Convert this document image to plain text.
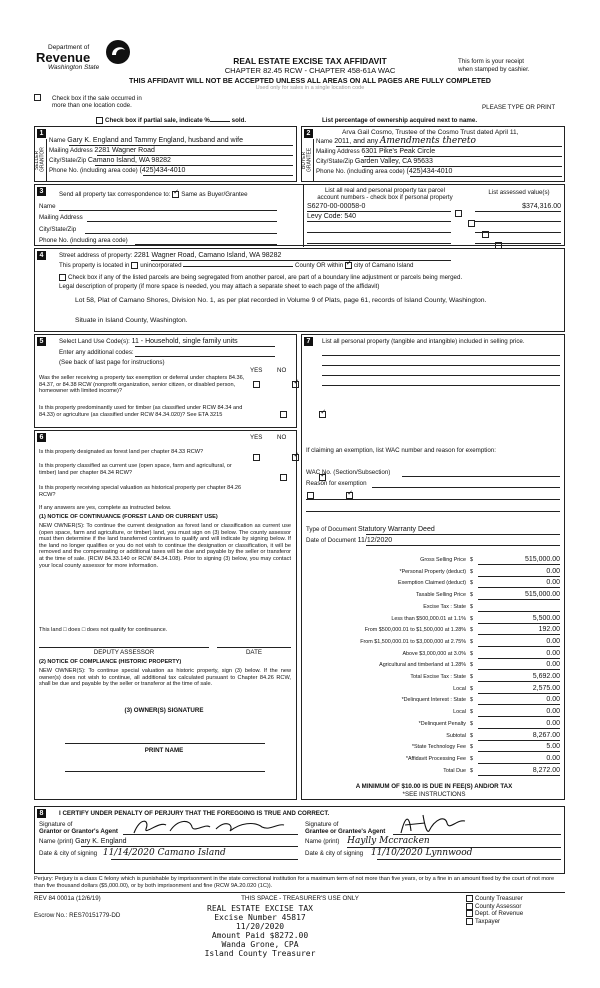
Department of
Revenue
Washington State
REAL ESTATE EXCISE TAX AFFIDAVIT
CHAPTER 82.45 RCW - CHAPTER 458-61A WAC
THIS AFFIDAVIT WILL NOT BE ACCEPTED UNLESS ALL AREAS ON ALL PAGES ARE FULLY COMPLETED
Used only for sales in a single location code
This form is your receipt
when stamped by cashier.
Check box if the sale occurred in
more than one location code.	PLEASE TYPE OR PRINT
Check box if partial sale, indicate %	sold.	List percentage of ownership acquired next to name.
1
SELLER GRANTOR
Name Gary K. England and Tammy England, husband and wife
Mailing Address 2281 Wagner Road
City/State/Zip Camano Island, WA 98282
Phone No. (including area code) (425)434-4010
2
BUYER GRANTEE
Arva Gail Cosmo, Trustee of the Cosmo Trust dated April 11,
Name 2011, and any Amendments thereto
Mailing Address 6301 Pike's Peak Circle
City/State/Zip Garden Valley, CA 95633
Phone No. (including area code) (425)434-4010
3	Send all property tax correspondence to: ✓ Same as Buyer/Grantee
Name
Mailing Address
City/State/Zip
Phone No. (including area code)
List all real and personal property tax parcel
account numbers - check box if personal property
List assessed value(s)
S6270-00-00058-0
	$374,316.00
Levy Code: 540

4	Street address of property: 2281 Wagner Road, Camano Island, WA 98282
This property is located in unincorporated	County OR within ✓ city of Camano Island
Check box if any of the listed parcels are being segregated from another parcel, are part of a boundary line adjustment or parcels being merged.
Legal description of property (if more space is needed, you may attach a separate sheet to each page of the affidavit)
Lot 58, Plat of Camano Shores, Division No. 1, as per plat recorded in Volume 9 of Plats, page 61, records of Island County, Washington.
Situate in Island County, Washington.
5	Select Land Use Code(s): 11 - Household, single family units
Enter any additional codes:
(See back of last page for instructions)
YES NO
Was the seller receiving a property tax exemption or deferral under chapters 84.36, 84.37, or 84.38 RCW (nonprofit organization, senior citizen, or disabled person, homeowner with limited income)?
✓
Is this property predominantly used for timber (as classified under RCW 84.34 and 84.33) or agriculture (as classified under RCW 84.34.020)? See ETA 3215
✓
6	YES NO
Is this property designated as forest land per chapter 84.33 RCW?
✓
Is this property classified as current use (open space, farm and agricultural, or timber) land per chapter 84.34 RCW?
✓
Is this property receiving special valuation as historical property per chapter 84.26 RCW?
✓
If any answers are yes, complete as instructed below.
(1) NOTICE OF CONTINUANCE (FOREST LAND OR CURRENT USE)
NEW OWNER(S): To continue the current designation as forest land or classification as current use (open space, farm and agriculture, or timber) land, you must sign on (3) below. The county assessor must then determine if the land transferred continues to qualify and will indicate by signing below. If the land no longer qualifies or you do not wish to continue the designation or classification, it will be removed and the compensating or additional taxes will be due and payable by the seller or transferor at the time of sale. (RCW 84.33.140 or RCW 84.34.108). Prior to signing (3) below, you may contact your local county assessor for more information.
This land □ does □ does not qualify for continuance.
DEPUTY ASSESSOR	DATE
(2) NOTICE OF COMPLIANCE (HISTORIC PROPERTY)
NEW OWNER(S): To continue special valuation as historic property, sign (3) below. If the new owner(s) does not wish to continue, all additional tax calculated pursuant to Chapter 84.26 RCW, shall be due and payable by the seller or transferor at the time of sale.
(3) OWNER(S) SIGNATURE
PRINT NAME
7	List all personal property (tangible and intangible) included in selling price.
If claiming an exemption, list WAC number and reason for exemption:
WAC No. (Section/Subsection)
Reason for exemption
Type of Document Statutory Warranty Deed
Date of Document 11/12/2020
Gross Selling Price $	515,000.00
*Personal Property (deduct) $	0.00
Exemption Claimed (deduct) $	0.00
Taxable Selling Price $	515,000.00
Excise Tax : State $
Less than $500,000.01 at 1.1% $	5,500.00
From $500,000.01 to $1,500,000 at 1.28% $	192.00
From $1,500,000.01 to $3,000,000 at 2.75% $	0.00
Above $3,000,000 at 3.0% $	0.00
Agricultural and timberland at 1.28% $	0.00
Total Excise Tax : State $	5,692.00
Local $	2,575.00
*Delinquent Interest : State $	0.00
Local $	0.00
*Delinquent Penalty $	0.00
Subtotal $	8,267.00
*State Technology Fee $	5.00
*Affidavit Processing Fee $	0.00
Total Due $	8,272.00
A MINIMUM OF $10.00 IS DUE IN FEE(S) AND/OR TAX
*SEE INSTRUCTIONS
8	I CERTIFY UNDER PENALTY OF PERJURY THAT THE FOREGOING IS TRUE AND CORRECT.
Signature of
Grantor or Grantor's Agent
Name (print) Gary K. England
Date & city of signing 11/14/2020 Camano Island
Signature of
Grantee or Grantee's Agent
Name (print) Haylly Mccracken
Date & city of signing 11/10/2020 Lynnwood
Perjury: Perjury is a class C felony which is punishable by imprisonment in the state correctional institution for a maximum term of not more than five years, or by a fine in an amount fixed by the court of not more than five thousand dollars ($5,000.00), or by both imprisonment and fine (RCW 9A.20.020 (1C)).
REV 84 0001a (12/6/19)	THIS SPACE - TREASURER'S USE ONLY
Escrow No.: RES70151779-DD
REAL ESTATE EXCISE TAX
Excise Number 45817
11/20/2020
Amount Paid $8272.00
Wanda Grone, CPA
Island County Treasurer
County Treasurer
County Assessor
Dept. of Revenue
Taxpayer
